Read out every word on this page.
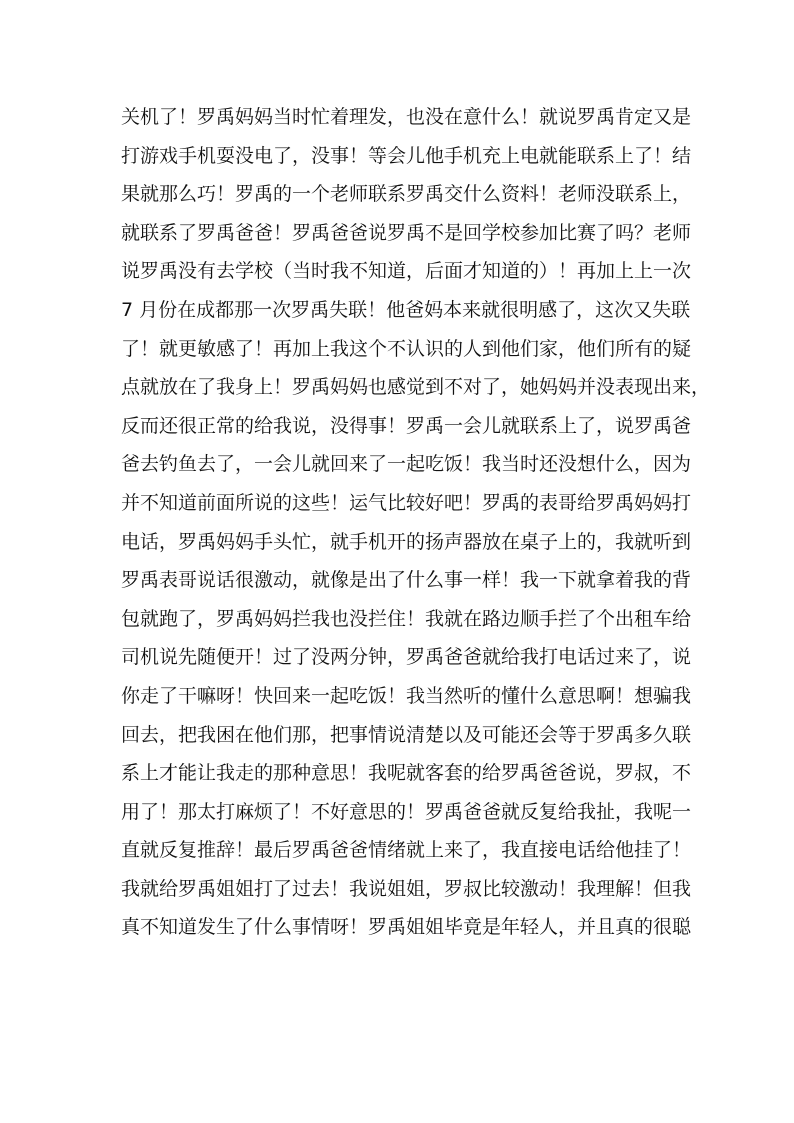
关机了！罗禹妈妈当时忙着理发，也没在意什么！就说罗禹肯定又是
打游戏手机耍没电了，没事！等会儿他手机充上电就能联系上了！结
果就那么巧！罗禹的一个老师联系罗禹交什么资料！老师没联系上，
就联系了罗禹爸爸！罗禹爸爸说罗禹不是回学校参加比赛了吗？老师
说罗禹没有去学校（当时我不知道，后面才知道的）！再加上上一次
7 月份在成都那一次罗禹失联！他爸妈本来就很明感了，这次又失联
了！就更敏感了！再加上我这个不认识的人到他们家，他们所有的疑
点就放在了我身上！罗禹妈妈也感觉到不对了，她妈妈并没表现出来，
反而还很正常的给我说，没得事！罗禹一会儿就联系上了，说罗禹爸
爸去钓鱼去了，一会儿就回来了一起吃饭！我当时还没想什么，因为
并不知道前面所说的这些！运气比较好吧！罗禹的表哥给罗禹妈妈打
电话，罗禹妈妈手头忙，就手机开的扬声器放在桌子上的，我就听到
罗禹表哥说话很激动，就像是出了什么事一样！我一下就拿着我的背
包就跑了，罗禹妈妈拦我也没拦住！我就在路边顺手拦了个出租车给
司机说先随便开！过了没两分钟，罗禹爸爸就给我打电话过来了，说
你走了干嘛呀！快回来一起吃饭！我当然听的懂什么意思啊！想骗我
回去，把我困在他们那，把事情说清楚以及可能还会等于罗禹多久联
系上才能让我走的那种意思！我呢就客套的给罗禹爸爸说，罗叔，不
用了！那太打麻烦了！不好意思的！罗禹爸爸就反复给我扯，我呢一
直就反复推辞！最后罗禹爸爸情绪就上来了，我直接电话给他挂了！
我就给罗禹姐姐打了过去！我说姐姐，罗叔比较激动！我理解！但我
真不知道发生了什么事情呀！罗禹姐姐毕竟是年轻人，并且真的很聪
